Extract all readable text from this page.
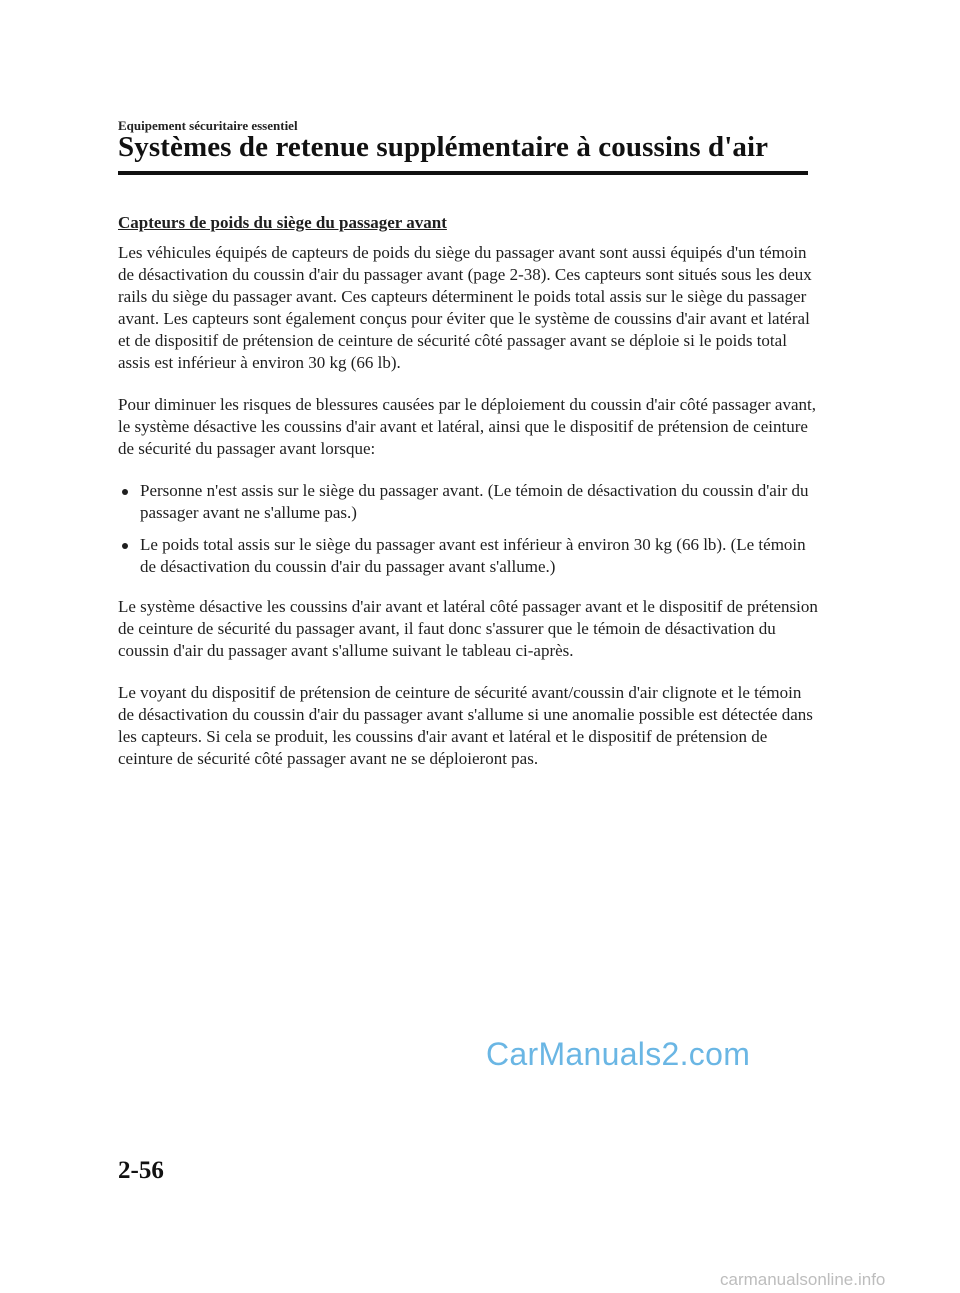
Equipement sécuritaire essentiel
Systèmes de retenue supplémentaire à coussins d'air
Capteurs de poids du siège du passager avant

Les véhicules équipés de capteurs de poids du siège du passager avant sont aussi équipés d'un témoin de désactivation du coussin d'air du passager avant (page 2-38). Ces capteurs sont situés sous les deux rails du siège du passager avant. Ces capteurs déterminent le poids total assis sur le siège du passager avant. Les capteurs sont également conçus pour éviter que le système de coussins d'air avant et latéral et de dispositif de prétension de ceinture de sécurité côté passager avant se déploie si le poids total assis est inférieur à environ 30 kg (66 lb).

Pour diminuer les risques de blessures causées par le déploiement du coussin d'air côté passager avant, le système désactive les coussins d'air avant et latéral, ainsi que le dispositif de prétension de ceinture de sécurité du passager avant lorsque:

Personne n'est assis sur le siège du passager avant. (Le témoin de désactivation du coussin d'air du passager avant ne s'allume pas.)
Le poids total assis sur le siège du passager avant est inférieur à environ 30 kg (66 lb). (Le témoin de désactivation du coussin d'air du passager avant s'allume.)

Le système désactive les coussins d'air avant et latéral côté passager avant et le dispositif de prétension de ceinture de sécurité du passager avant, il faut donc s'assurer que le témoin de désactivation du coussin d'air du passager avant s'allume suivant le tableau ci-après.

Le voyant du dispositif de prétension de ceinture de sécurité avant/coussin d'air clignote et le témoin de désactivation du coussin d'air du passager avant s'allume si une anomalie possible est détectée dans les capteurs. Si cela se produit, les coussins d'air avant et latéral et le dispositif de prétension de ceinture de sécurité côté passager avant ne se déploieront pas.

CarManuals2.com
2-56
carmanualsonline.info
